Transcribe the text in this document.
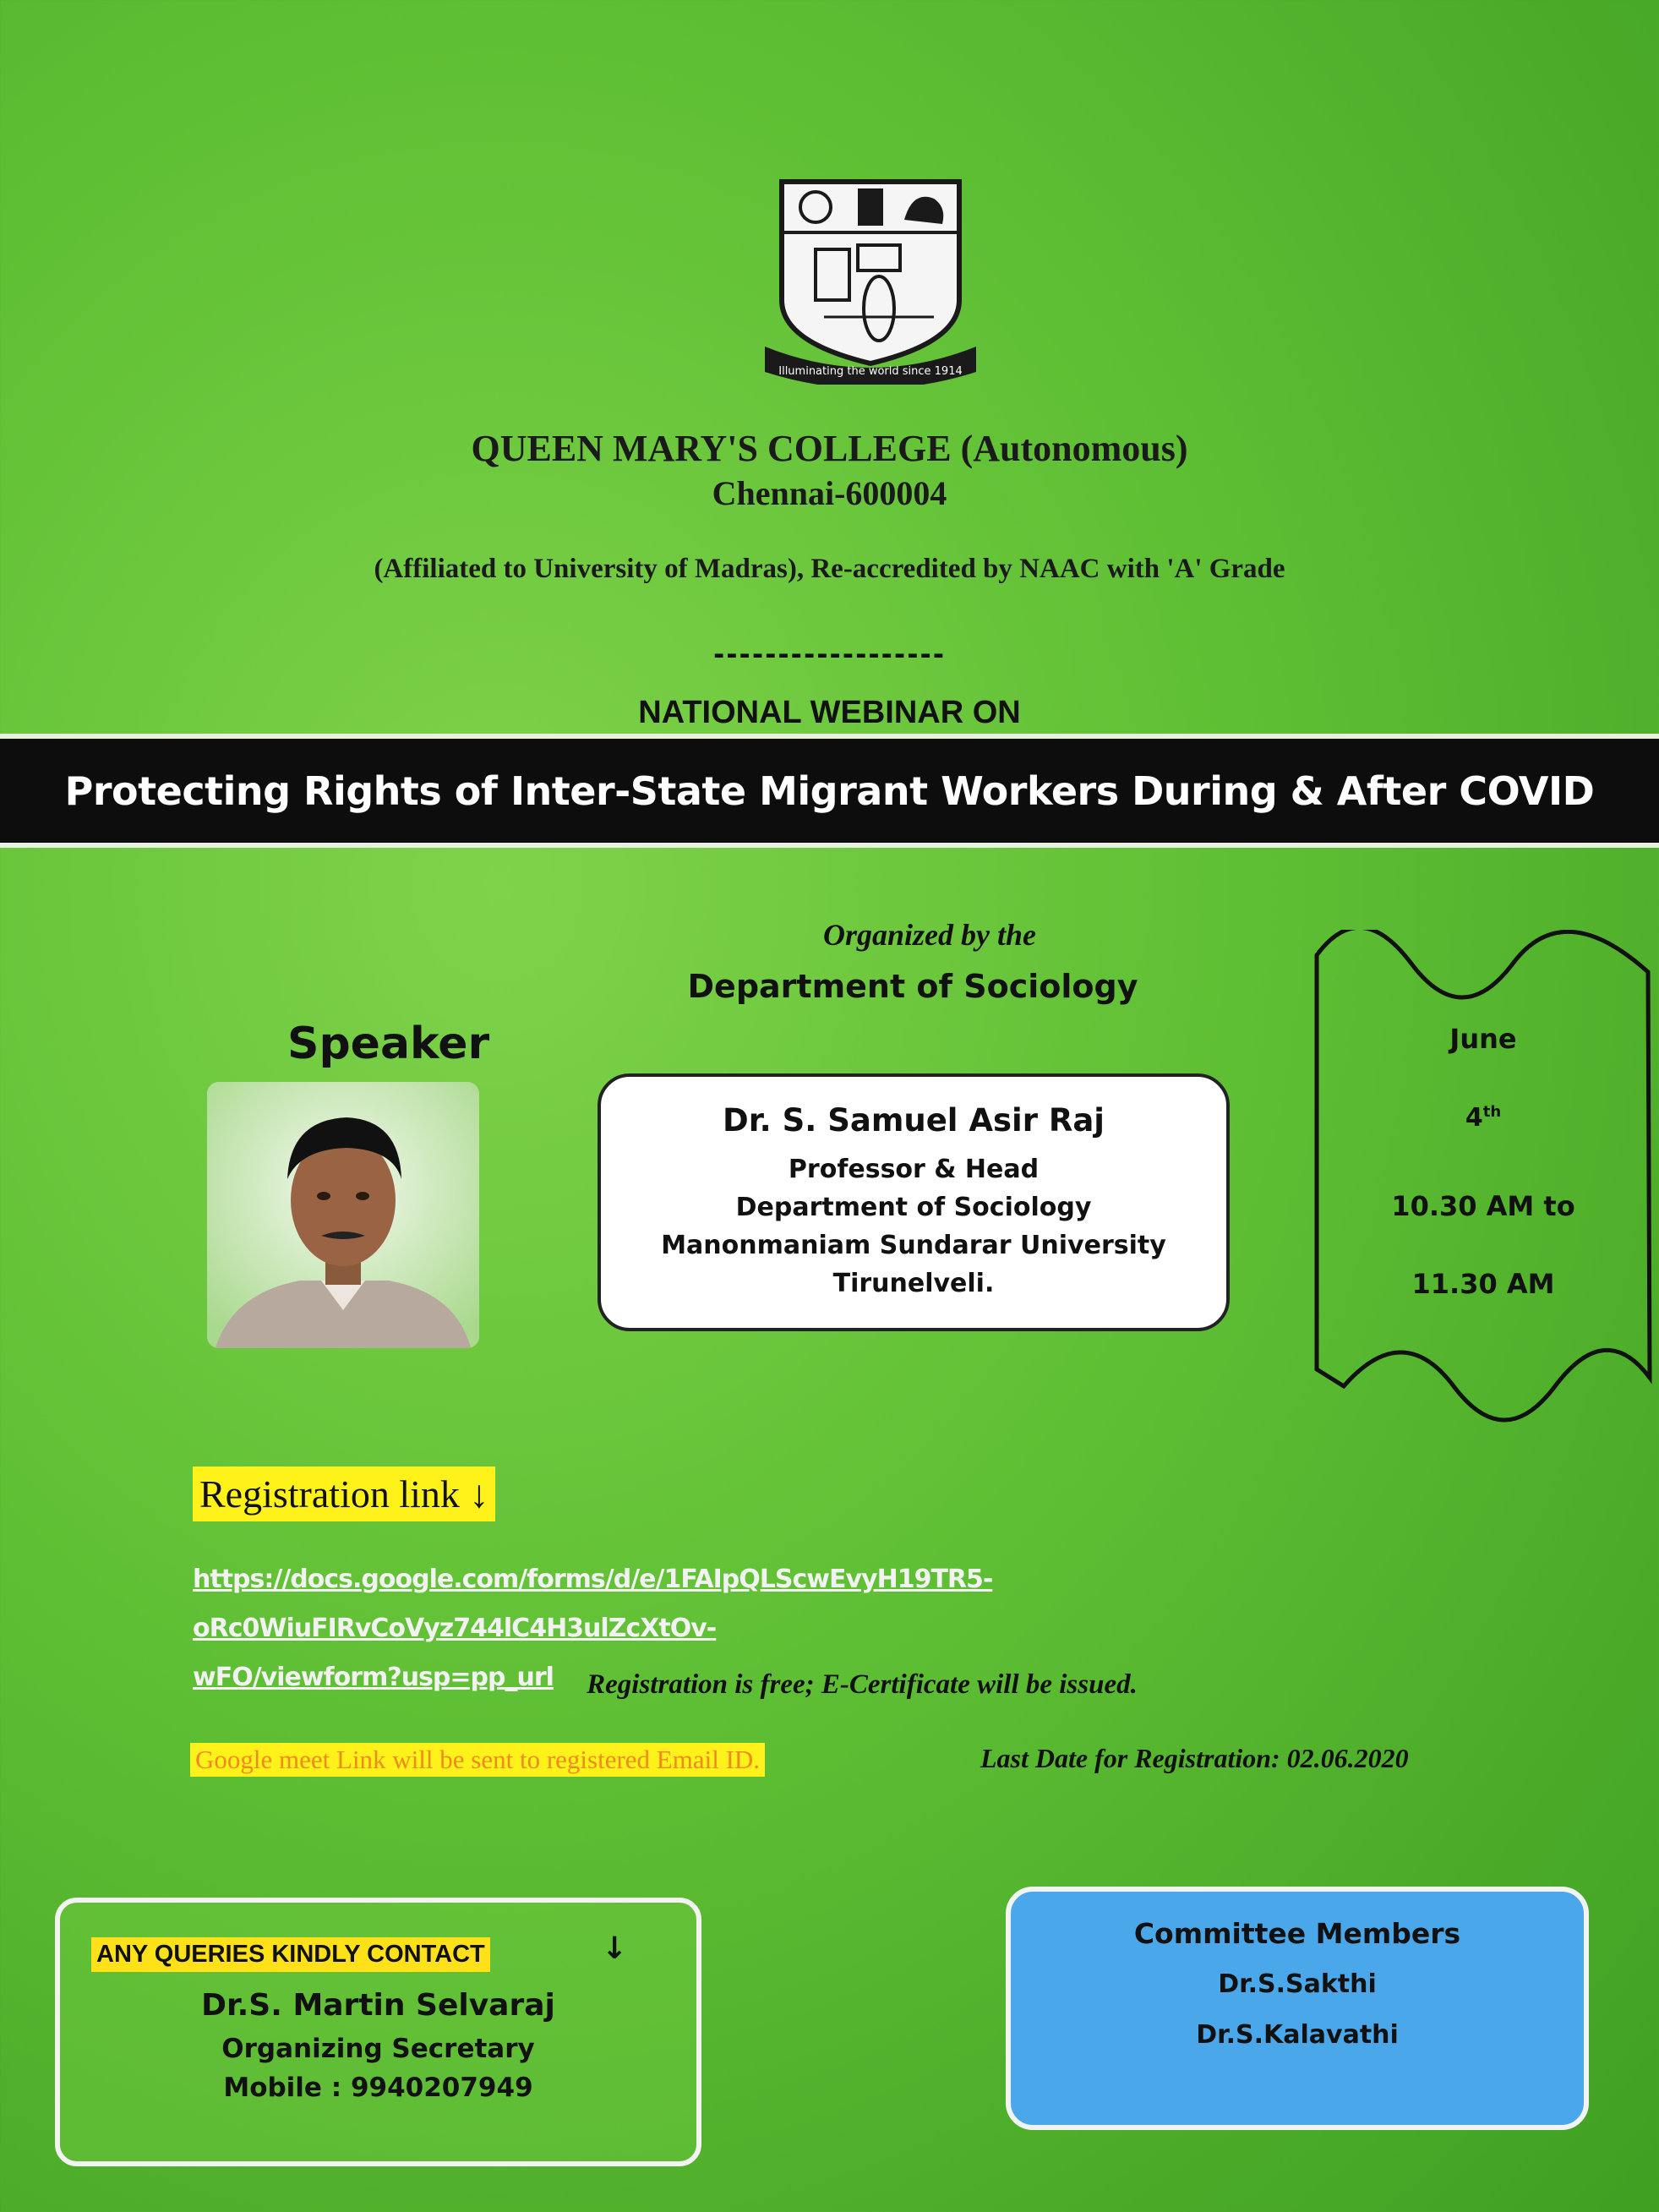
Illuminating the world since 1914
QUEEN MARY'S COLLEGE (Autonomous)
Chennai-600004
(Affiliated to University of Madras), Re-accredited by NAAC with 'A' Grade
------------------
NATIONAL WEBINAR ON
Protecting Rights of Inter-State Migrant Workers During & After COVID
Organized by the
Department of Sociology
Speaker
Dr. S. Samuel Asir Raj
Professor & Head
Department of Sociology
Manonmaniam Sundarar University
Tirunelveli.
June
4th
10.30 AM to
11.30 AM
Registration link ↓
https://docs.google.com/forms/d/e/1FAIpQLScwEvyH19TR5-oRc0WiuFIRvCoVyz744lC4H3ulZcXtOv-
wFO/viewform?usp=pp_url	Registration is free; E-Certificate will be issued.
Google meet Link will be sent to registered Email ID.	Last Date for Registration: 02.06.2020
ANY QUERIES KINDLY CONTACT	↓
Dr.S. Martin Selvaraj
Organizing Secretary
Mobile : 9940207949
Committee Members
Dr.S.Sakthi
Dr.S.Kalavathi
